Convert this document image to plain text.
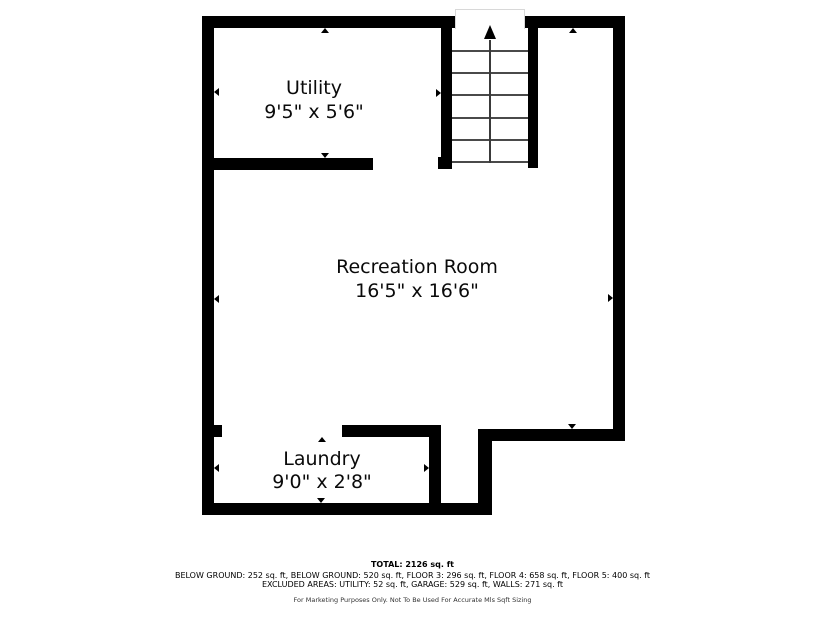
Utility
9'5" x 5'6"
Recreation Room
16'5" x 16'6"
Laundry
9'0" x 2'8"
TOTAL: 2126 sq. ft
BELOW GROUND: 252 sq. ft, BELOW GROUND: 520 sq. ft, FLOOR 3: 296 sq. ft, FLOOR 4: 658 sq. ft, FLOOR 5: 400 sq. ft
EXCLUDED AREAS: UTILITY: 52 sq. ft, GARAGE: 529 sq. ft, WALLS: 271 sq. ft
For Marketing Purposes Only. Not To Be Used For Accurate Mls Sqft Sizing
